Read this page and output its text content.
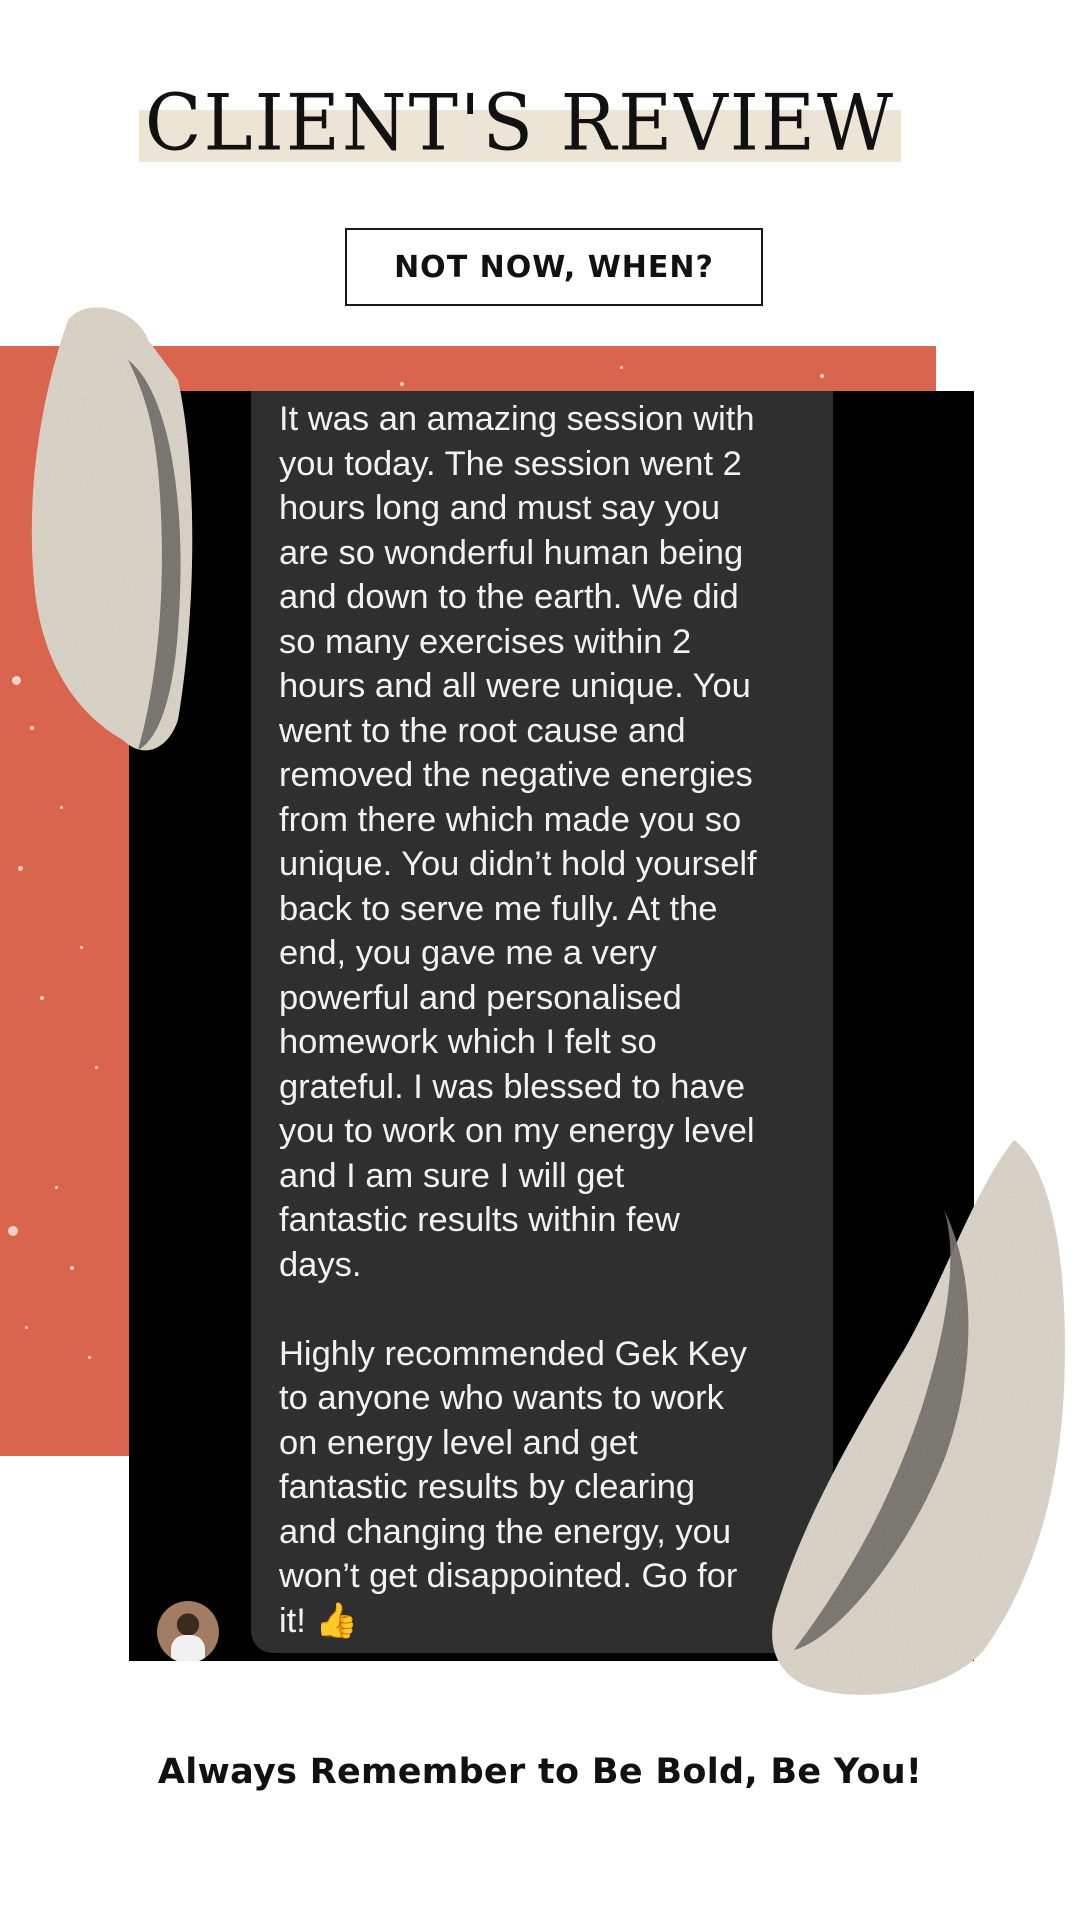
CLIENT'S REVIEW
NOT NOW, WHEN?

It was an amazing session with
you today. The session went 2
hours long and must say you
are so wonderful human being
and down to the earth. We did
so many exercises within 2
hours and all were unique. You
went to the root cause and
removed the negative energies
from there which made you so
unique. You didn’t hold yourself
back to serve me fully. At the
end, you gave me a very
powerful and personalised
homework which I felt so
grateful. I was blessed to have
you to work on my energy level
and I am sure I will get
fantastic results within few
days.

Highly recommended Gek Key
to anyone who wants to work
on energy level and get
fantastic results by clearing
and changing the energy, you
won’t get disappointed. Go for
it! 👍

Always Remember to Be Bold, Be You!
